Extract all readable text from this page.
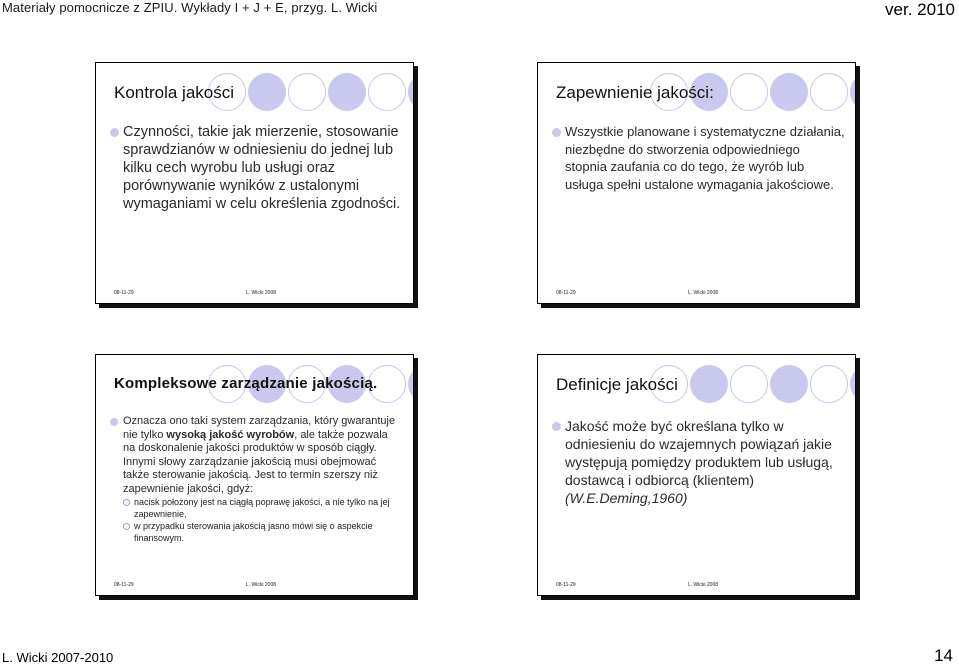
Materiały pomocnicze z ZPIU. Wykłady I + J + E, przyg. L. Wicki	ver. 2010
Kontrola jakości
Czynności, takie jak mierzenie, stosowanie sprawdzianów w odniesieniu do jednej lub kilku cech wyrobu lub usługi oraz porównywanie wyników z ustalonymi wymaganiami w celu określenia zgodności.
08-11-29	L. Wicki 2008
Zapewnienie jakości:
Wszystkie planowane i systematyczne działania, niezbędne do stworzenia odpowiedniego stopnia zaufania co do tego, że wyrób lub usługa spełni ustalone wymagania jakościowe.
08-11-29	L. Wicki 2008
Kompleksowe zarządzanie jakością.
Oznacza ono taki system zarządzania, który gwarantuje nie tylko wysoką jakość wyrobów, ale także pozwala na doskonalenie jakości produktów w sposób ciągły. Innymi słowy zarządzanie jakością musi obejmować także sterowanie jakością. Jest to termin szerszy niż zapewnienie jakości, gdyż:
nacisk położony jest na ciągłą poprawę jakości, a nie tylko na jej zapewnienie,
w przypadku sterowania jakością jasno mówi się o aspekcie finansowym.
08-11-29	L. Wicki 2008
Definicje jakości
Jakość może być określana tylko w odniesieniu do wzajemnych powiązań jakie występują pomiędzy produktem lub usługą, dostawcą i odbiorcą (klientem) (W.E.Deming,1960)
08-11-29	L. Wicki 2008
L. Wicki 2007-2010	14
